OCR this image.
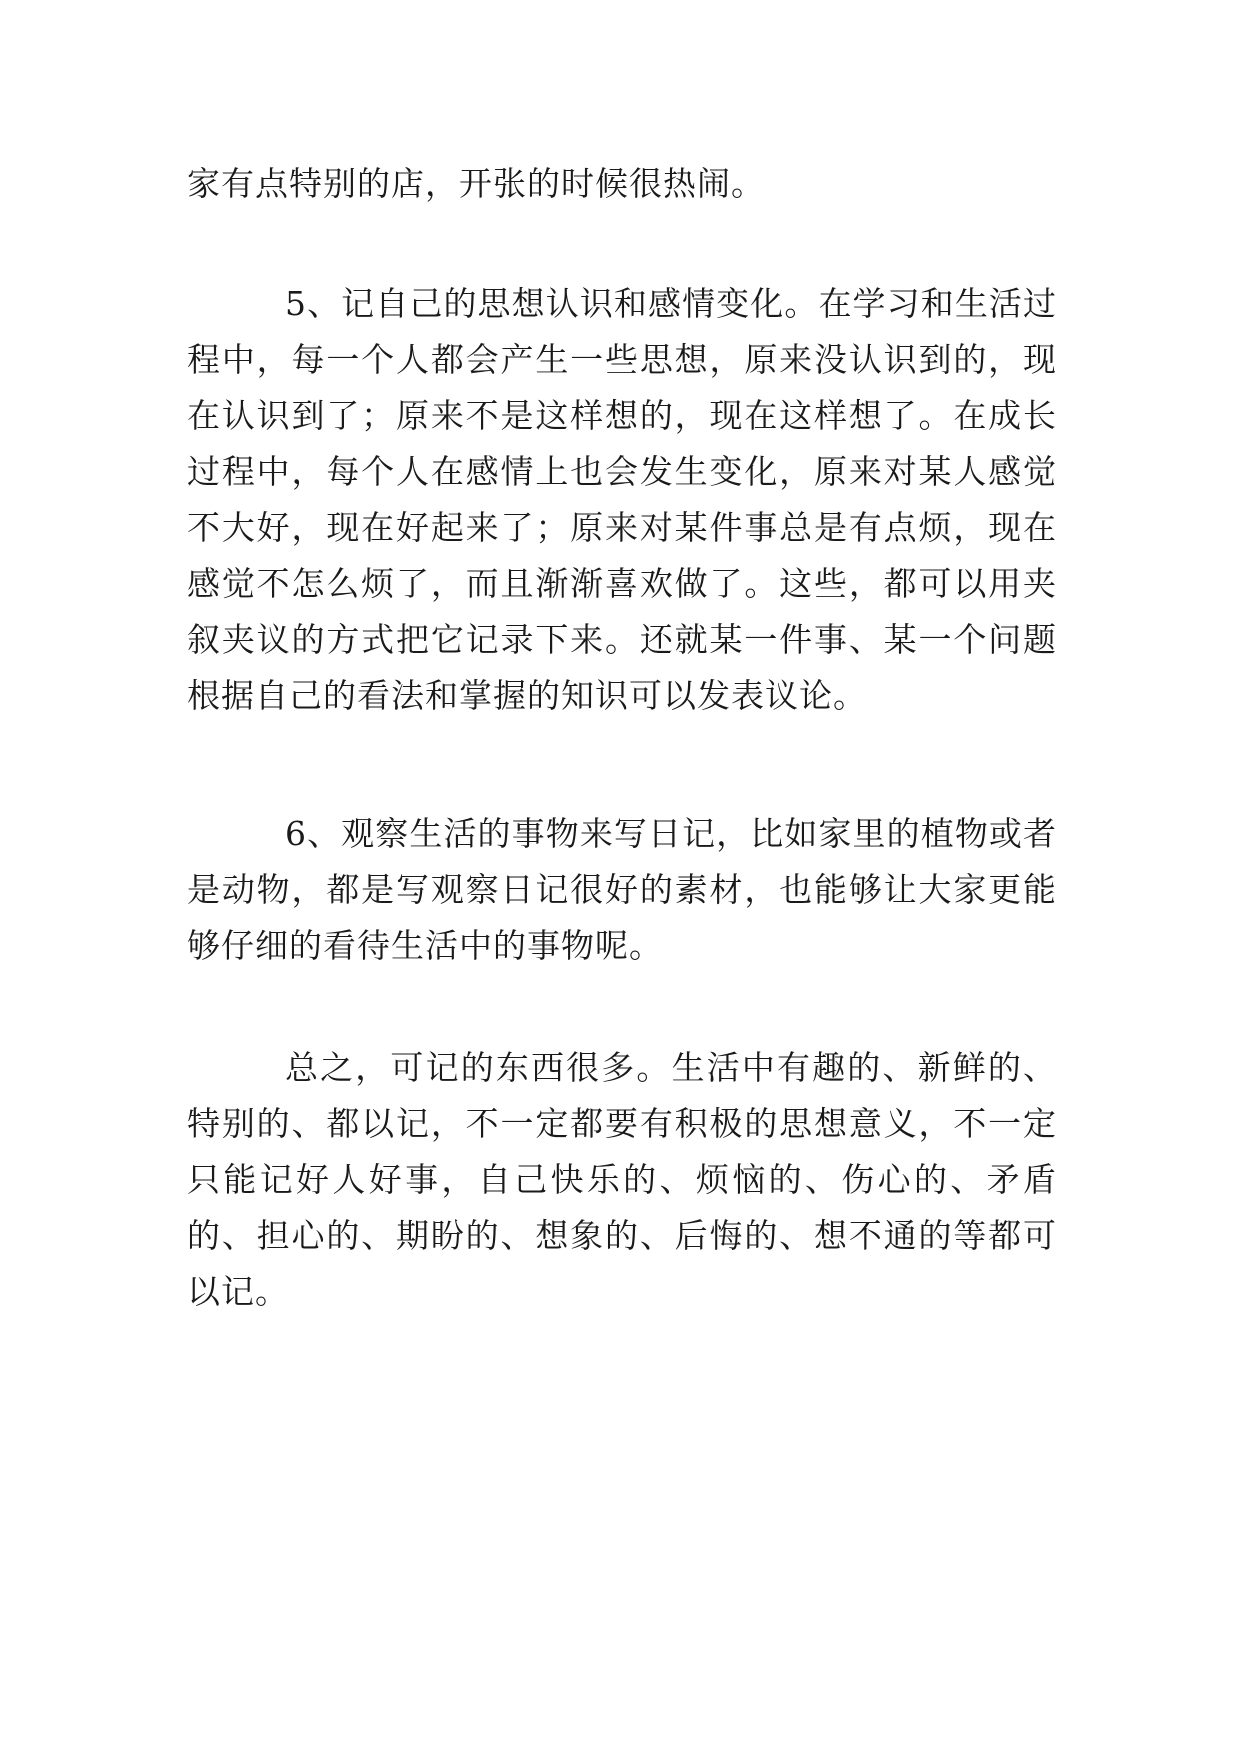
家有点特别的店，开张的时候很热闹。

5、记自己的思想认识和感情变化。在学习和生活过程中，每一个人都会产生一些思想，原来没认识到的，现在认识到了；原来不是这样想的，现在这样想了。在成长过程中，每个人在感情上也会发生变化，原来对某人感觉不大好，现在好起来了；原来对某件事总是有点烦，现在感觉不怎么烦了，而且渐渐喜欢做了。这些，都可以用夹叙夹议的方式把它记录下来。还就某一件事、某一个问题根据自己的看法和掌握的知识可以发表议论。

6、观察生活的事物来写日记，比如家里的植物或者是动物，都是写观察日记很好的素材，也能够让大家更能够仔细的看待生活中的事物呢。

总之，可记的东西很多。生活中有趣的、新鲜的、特别的、都以记，不一定都要有积极的思想意义，不一定只能记好人好事，自己快乐的、烦恼的、伤心的、矛盾的、担心的、期盼的、想象的、后悔的、想不通的等都可以记。
